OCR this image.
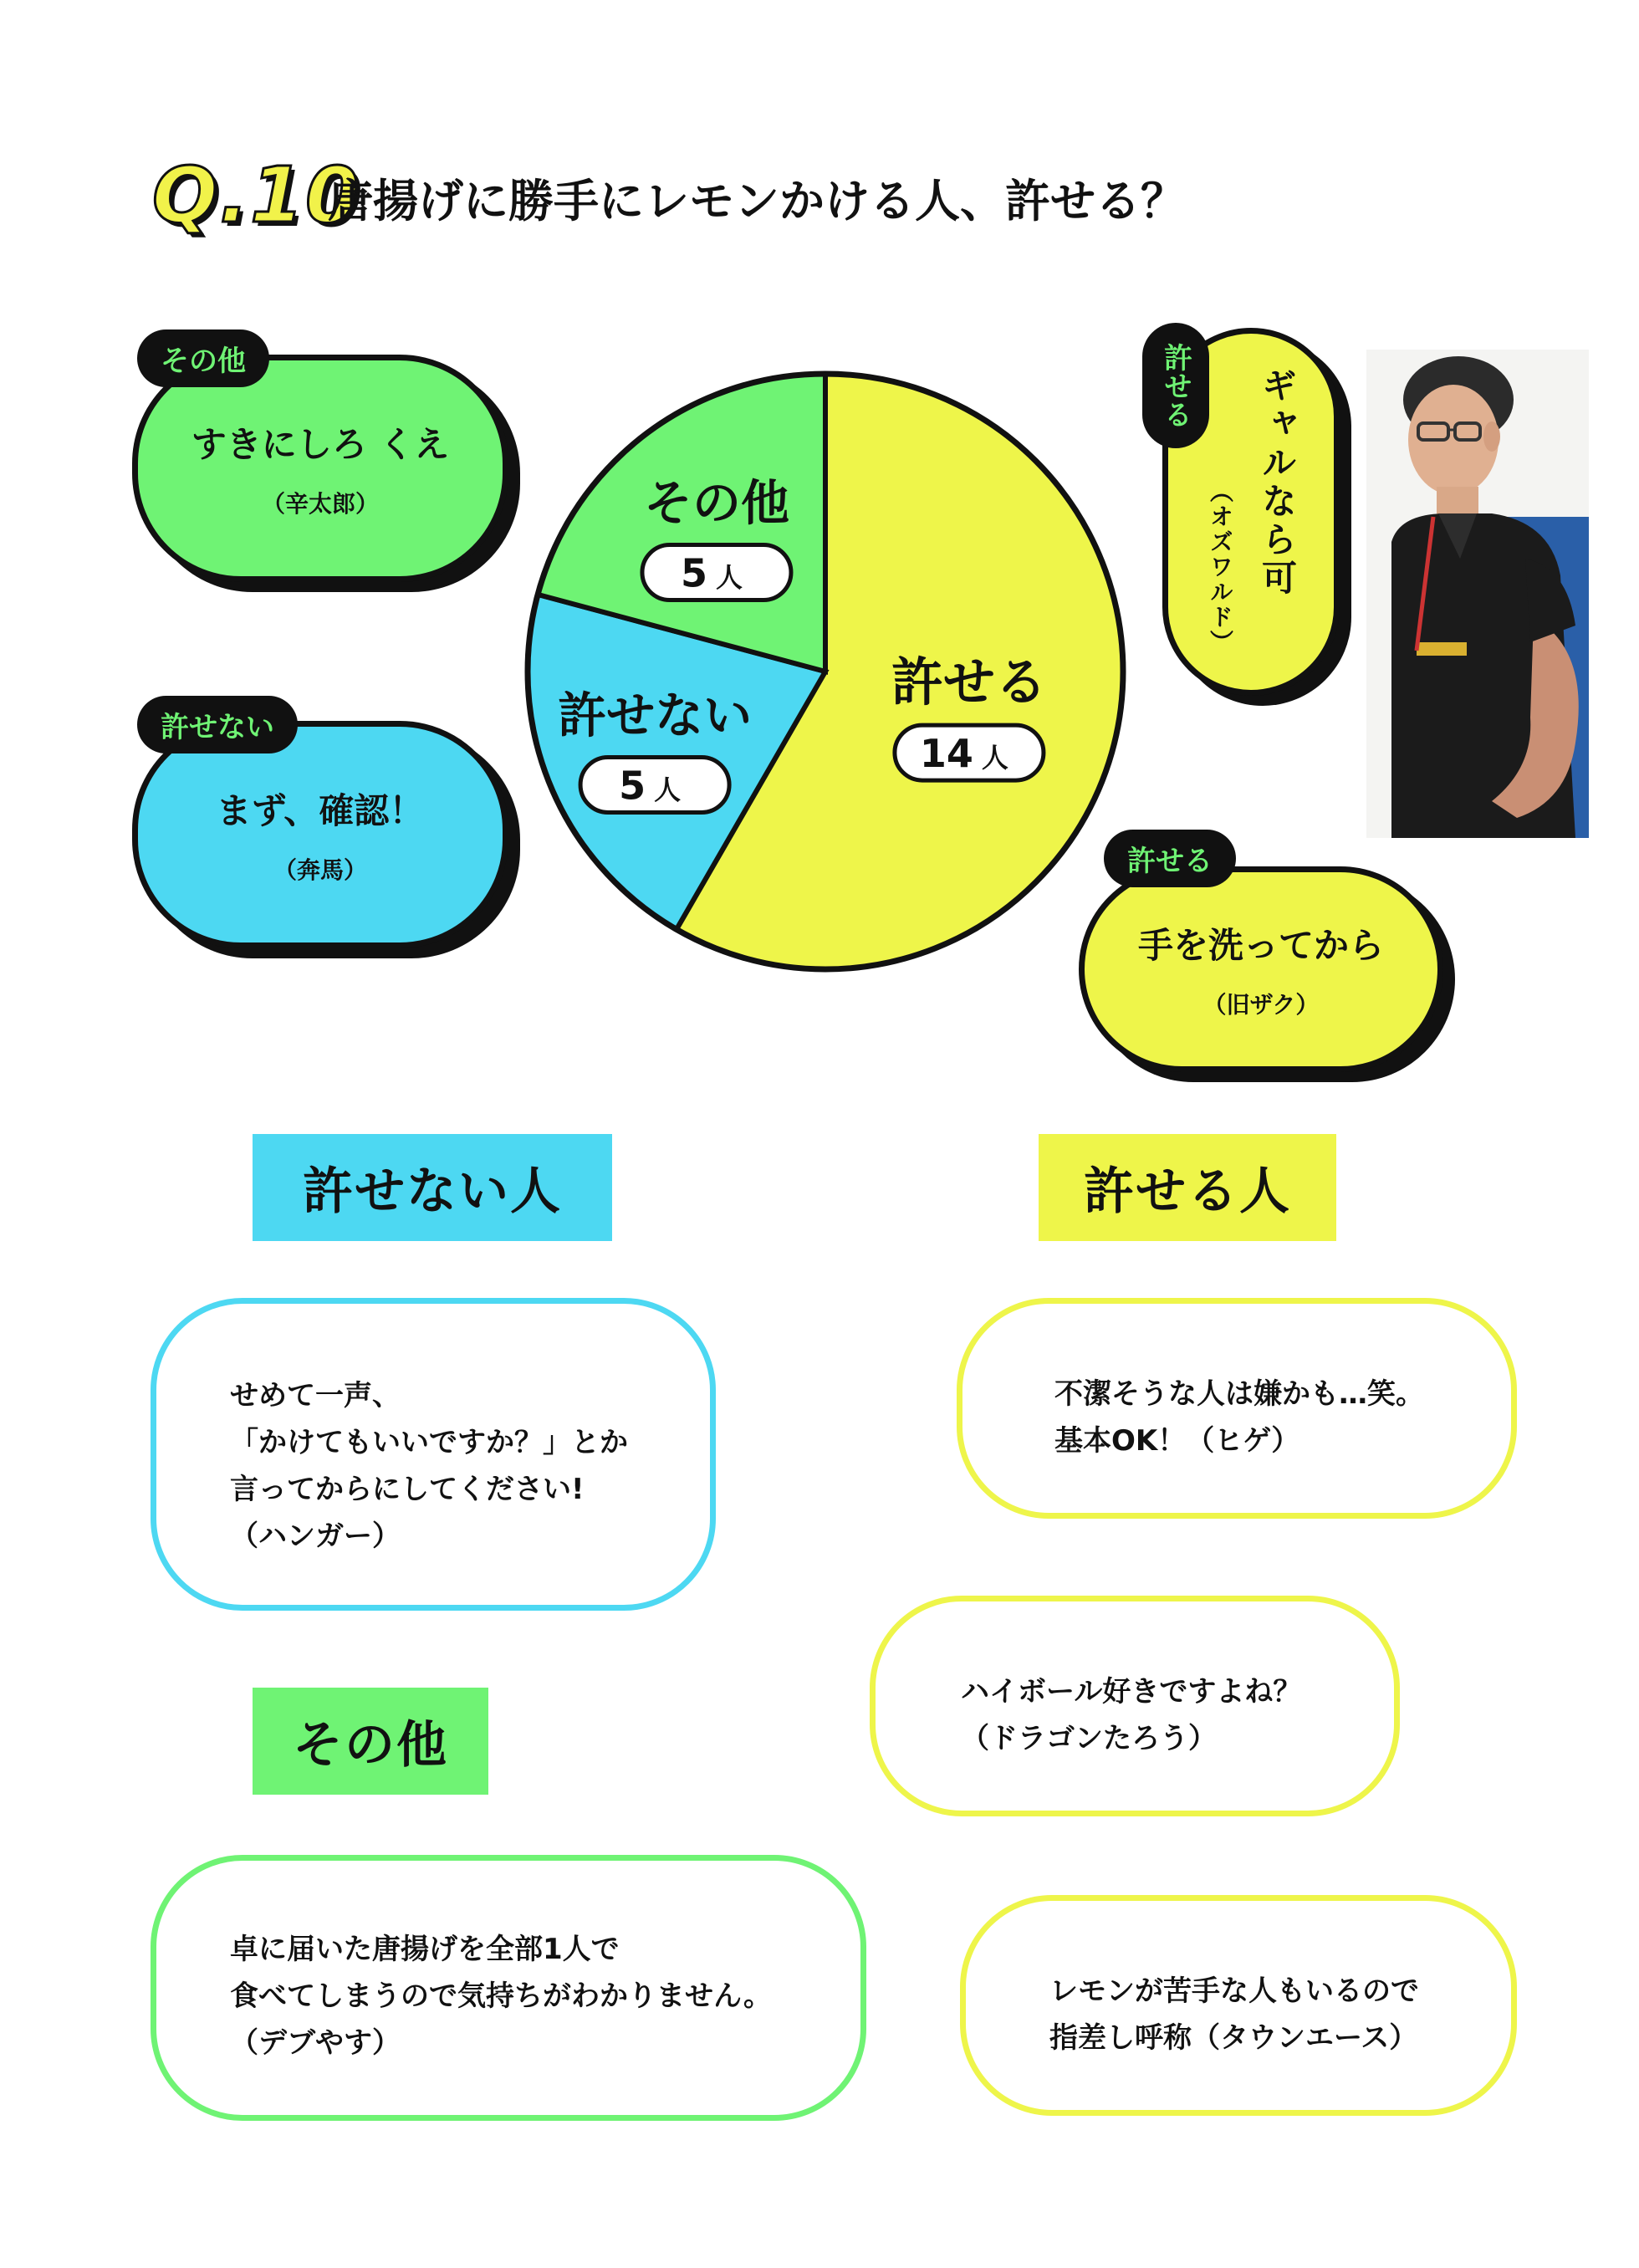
Q.10
唐揚げに勝手にレモンかける人、許せる？
許せる
14 人
許せない
5 人
その他
5 人
すきにしろ くえ
（辛太郎）
その他
まず、確認！
（奔馬）
許せない
ギャルなら可
（オズワルド）
許せる
手を洗ってから
（旧ザク）
許せる
許せない人	許せる人
その他
せめて一声、
「かけてもいいですか？」とか
言ってからにしてください!
（ハンガー）
卓に届いた唐揚げを全部1人で
食べてしまうので気持ちがわかりません。
（デブやす）
不潔そうな人は嫌かも…笑。
基本OK！（ヒゲ）
ハイボール好きですよね？
（ドラゴンたろう）
レモンが苦手な人もいるので
指差し呼称（タウンエース）
